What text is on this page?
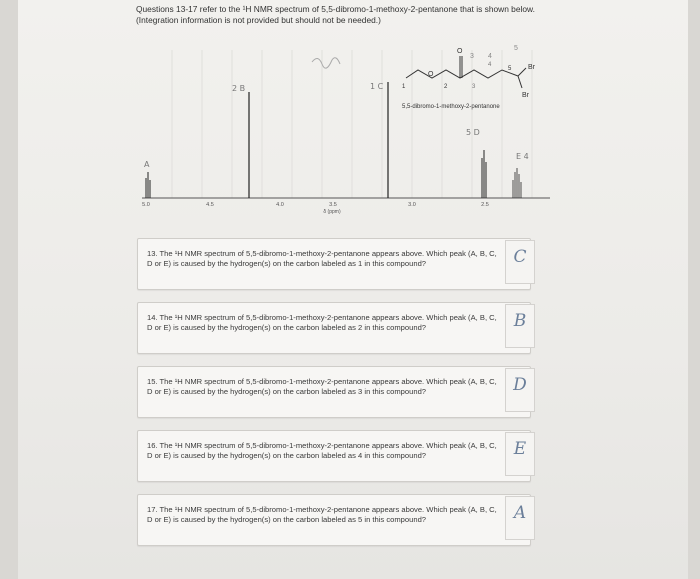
Questions 13-17 refer to the ¹H NMR spectrum of 5,5-dibromo-1-methoxy-2-pentanone that is shown below. (Integration information is not provided but should not be needed.)
5.0	4.5	4.0	3.5	3.0	2.5
δ (ppm)
A
2 B	1 C
5 D
E 4
O
O
Br
Br
1	2	3
4
5
3 4
5
5,5-dibromo-1-methoxy-2-pentanone
13. The ¹H NMR spectrum of 5,5-dibromo-1-methoxy-2-pentanone appears above. Which peak (A, B, C, D or E) is caused by the hydrogen(s) on the carbon labeled as 1 in this compound?	C
14. The ¹H NMR spectrum of 5,5-dibromo-1-methoxy-2-pentanone appears above. Which peak (A, B, C, D or E) is caused by the hydrogen(s) on the carbon labeled as 2 in this compound?	B
15. The ¹H NMR spectrum of 5,5-dibromo-1-methoxy-2-pentanone appears above. Which peak (A, B, C, D or E) is caused by the hydrogen(s) on the carbon labeled as 3 in this compound?	D
16. The ¹H NMR spectrum of 5,5-dibromo-1-methoxy-2-pentanone appears above. Which peak (A, B, C, D or E) is caused by the hydrogen(s) on the carbon labeled as 4 in this compound?	E
17. The ¹H NMR spectrum of 5,5-dibromo-1-methoxy-2-pentanone appears above. Which peak (A, B, C, D or E) is caused by the hydrogen(s) on the carbon labeled as 5 in this compound?	A
